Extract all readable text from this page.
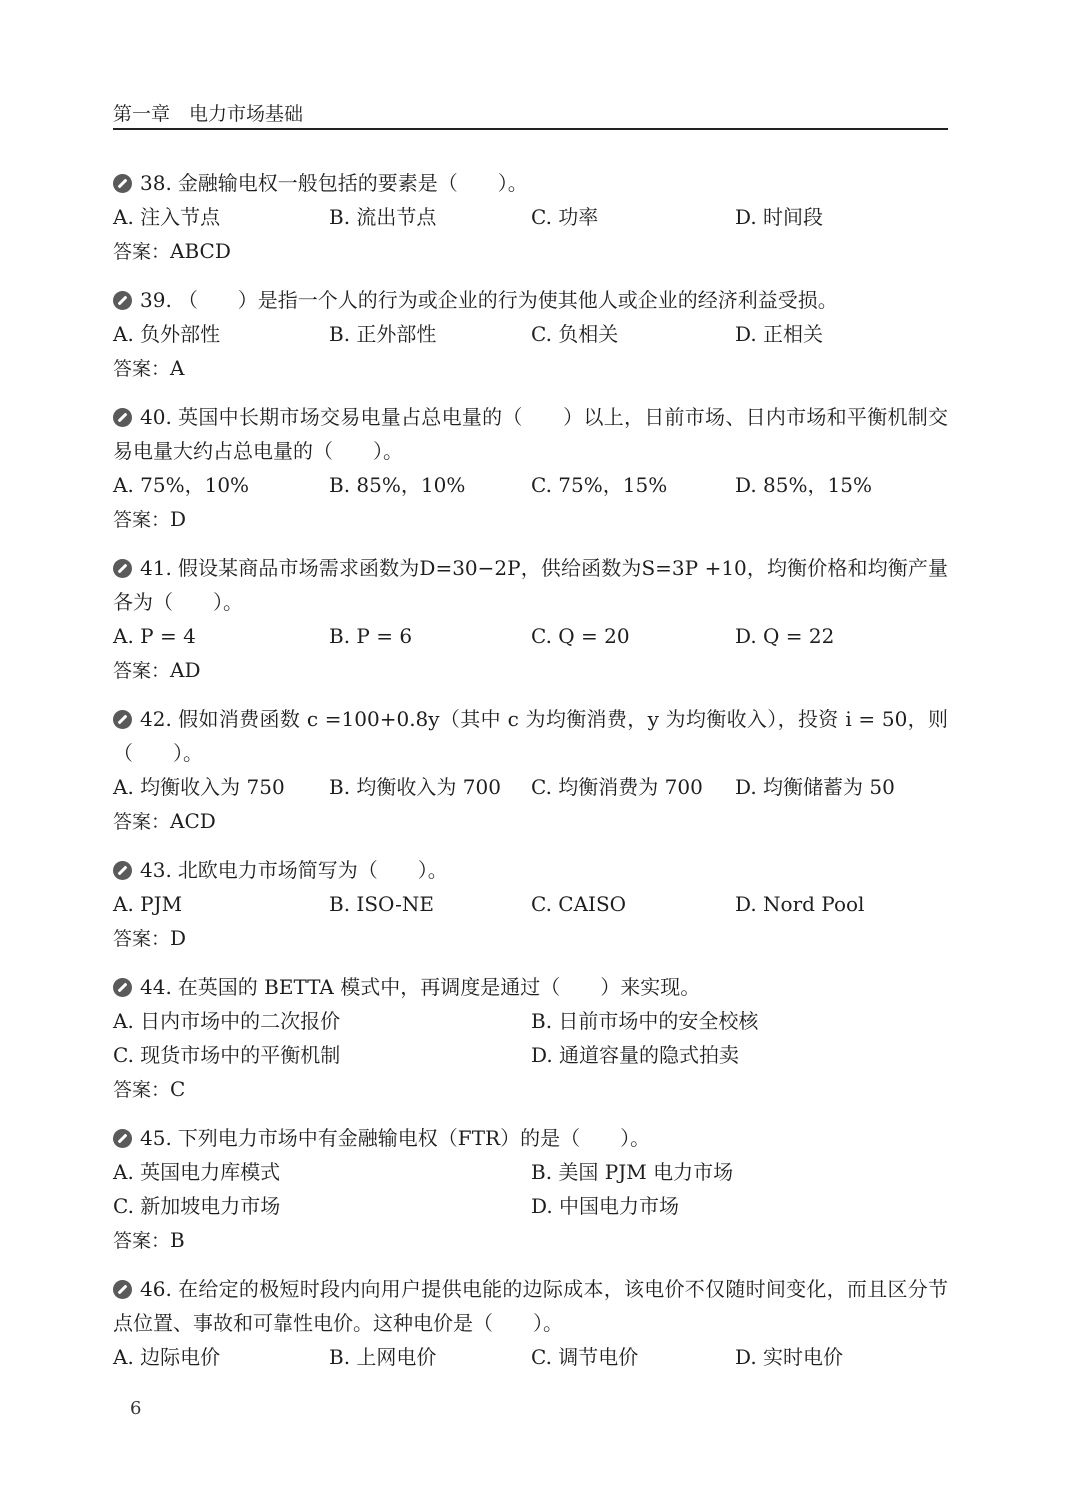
第一章　电力市场基础
38. 金融输电权一般包括的要素是（　　）。
A. 注入节点	B. 流出节点	C. 功率	D. 时间段
答案：ABCD
39. （　　）是指一个人的行为或企业的行为使其他人或企业的经济利益受损。
A. 负外部性	B. 正外部性	C. 负相关	D. 正相关
答案：A
40. 英国中长期市场交易电量占总电量的（　　）以上，日前市场、日内市场和平衡机制交易电量大约占总电量的（　　）。
A. 75%，10%	B. 85%，10%	C. 75%，15%	D. 85%，15%
答案：D
41. 假设某商品市场需求函数为D=30−2P，供给函数为S=3P +10，均衡价格和均衡产量各为（　　）。
A. P = 4	B. P = 6	C. Q = 20	D. Q = 22
答案：AD
42. 假如消费函数 c =100+0.8y（其中 c 为均衡消费，y 为均衡收入），投资 i = 50，则（　　）。
A. 均衡收入为 750	B. 均衡收入为 700	C. 均衡消费为 700	D. 均衡储蓄为 50
答案：ACD
43. 北欧电力市场简写为（　　）。
A. PJM	B. ISO-NE	C. CAISO	D. Nord Pool
答案：D
44. 在英国的 BETTA 模式中，再调度是通过（　　）来实现。
A. 日内市场中的二次报价	B. 日前市场中的安全校核
C. 现货市场中的平衡机制	D. 通道容量的隐式拍卖
答案：C
45. 下列电力市场中有金融输电权（FTR）的是（　　）。
A. 英国电力库模式	B. 美国 PJM 电力市场
C. 新加坡电力市场	D. 中国电力市场
答案：B
46. 在给定的极短时段内向用户提供电能的边际成本，该电价不仅随时间变化，而且区分节点位置、事故和可靠性电价。这种电价是（　　）。
A. 边际电价	B. 上网电价	C. 调节电价	D. 实时电价
6
